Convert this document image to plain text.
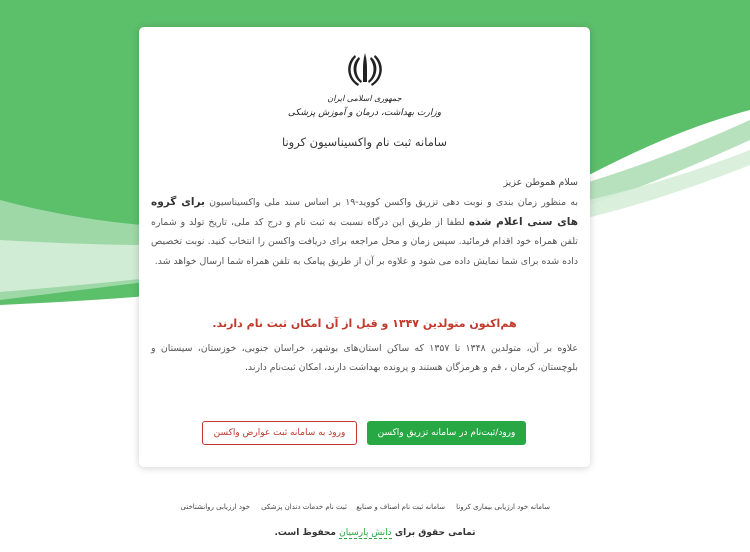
جمهوری اسلامی ایران
وزارت بهداشت، درمان و آموزش پزشکی
سامانه ثبت نام واکسیناسیون کرونا
سلام هموطن عزیز
به منظور زمان بندی و نوبت دهی تزریق واکسن کووید-۱۹ بر اساس سند ملی واکسیناسیون برای گروه های سنی اعلام شده لطفا از طریق این درگاه نسبت به ثبت نام و درج کد ملی، تاریخ تولد و شماره تلفن همراه خود اقدام فرمائید. سپس زمان و محل مراجعه برای دریافت واکسن را انتخاب کنید. نوبت تخصیص داده شده برای شما نمایش داده می شود و علاوه بر آن از طریق پیامک به تلفن همراه شما ارسال خواهد شد.
هم‌اکنون متولدین ۱۳۴۷ و قبل از آن امکان ثبت نام دارند.
علاوه بر آن، متولدین ۱۳۴۸ تا ۱۳۵۷ که ساکن استان‌های بوشهر، خراسان جنوبی، خوزستان، سیستان و بلوچستان، کرمان ، قم و هرمزگان هستند و پرونده بهداشت دارند، امکان ثبت‌نام دارند.
ورود/ثبت‌نام در سامانه تزریق واکسن
ورود به سامانه ثبت عوارض واکسن
سامانه خود ارزیابی بیماری کرونا
سامانه ثبت نام اصناف و صنایع
ثبت نام خدمات دندان پزشکی
خود ارزیابی روانشناختی
تمامی حقوق برای دانش پارسیان محفوظ است.
